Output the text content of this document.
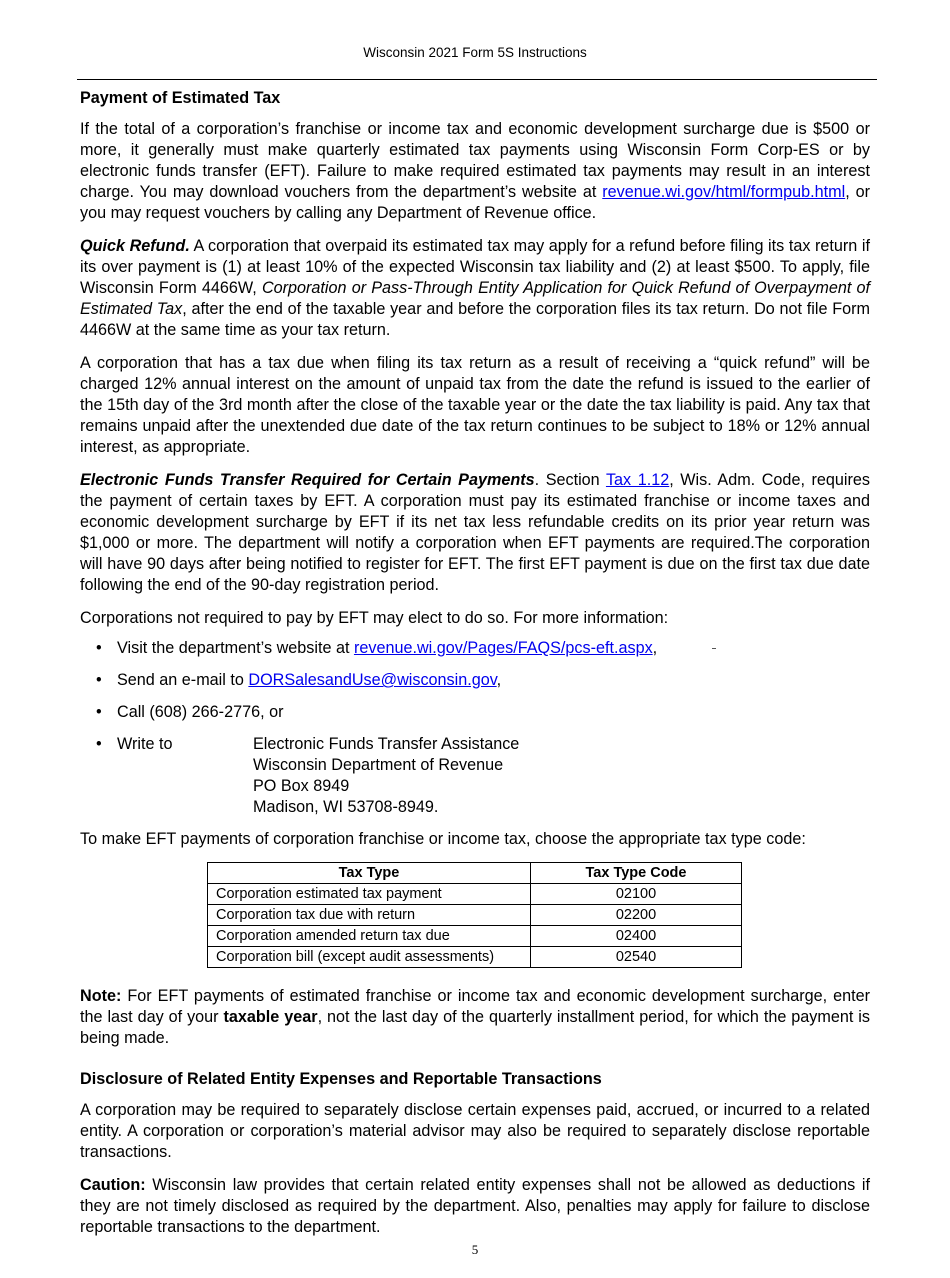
Wisconsin 2021 Form 5S Instructions
Payment of Estimated Tax

If the total of a corporation’s franchise or income tax and economic development surcharge due is $500 or more, it generally must make quarterly estimated tax payments using Wisconsin Form Corp-ES or by electronic funds transfer (EFT). Failure to make required estimated tax payments may result in an interest charge. You may download vouchers from the department’s website at revenue.wi.gov/html/formpub.html, or you may request vouchers by calling any Department of Revenue office.

Quick Refund. A corporation that overpaid its estimated tax may apply for a refund before filing its tax return if its over payment is (1) at least 10% of the expected Wisconsin tax liability and (2) at least $500. To apply, file Wisconsin Form 4466W, Corporation or Pass-Through Entity Application for Quick Refund of Overpayment of Estimated Tax, after the end of the taxable year and before the corporation files its tax return. Do not file Form 4466W at the same time as your tax return.

A corporation that has a tax due when filing its tax return as a result of receiving a “quick refund” will be charged 12% annual interest on the amount of unpaid tax from the date the refund is issued to the earlier of the 15th day of the 3rd month after the close of the taxable year or the date the tax liability is paid. Any tax that remains unpaid after the unextended due date of the tax return continues to be subject to 18% or 12% annual interest, as appropriate.

Electronic Funds Transfer Required for Certain Payments. Section Tax 1.12, Wis. Adm. Code, requires the payment of certain taxes by EFT. A corporation must pay its estimated franchise or income taxes and economic development surcharge by EFT if its net tax less refundable credits on its prior year return was $1,000 or more. The department will notify a corporation when EFT payments are required.The corporation will have 90 days after being notified to register for EFT. The first EFT payment is due on the first tax due date following the end of the 90-day registration period.

Corporations not required to pay by EFT may elect to do so. For more information:

• Visit the department’s website at revenue.wi.gov/Pages/FAQS/pcs-eft.aspx,
• Send an e-mail to DORSalesandUse@wisconsin.gov,
• Call (608) 266-2776, or
• Write to	Electronic Funds Transfer Assistance
Wisconsin Department of Revenue
PO Box 8949
Madison, WI 53708-8949.

To make EFT payments of corporation franchise or income tax, choose the appropriate tax type code:

Tax Type	Tax Type Code
Corporation estimated tax payment	02100
Corporation tax due with return	02200
Corporation amended return tax due	02400
Corporation bill (except audit assessments)	02540

Note: For EFT payments of estimated franchise or income tax and economic development surcharge, enter the last day of your taxable year, not the last day of the quarterly installment period, for which the payment is being made.

Disclosure of Related Entity Expenses and Reportable Transactions

A corporation may be required to separately disclose certain expenses paid, accrued, or incurred to a related entity. A corporation or corporation’s material advisor may also be required to separately disclose reportable transactions.

Caution: Wisconsin law provides that certain related entity expenses shall not be allowed as deductions if they are not timely disclosed as required by the department. Also, penalties may apply for failure to disclose reportable transactions to the department.

5
